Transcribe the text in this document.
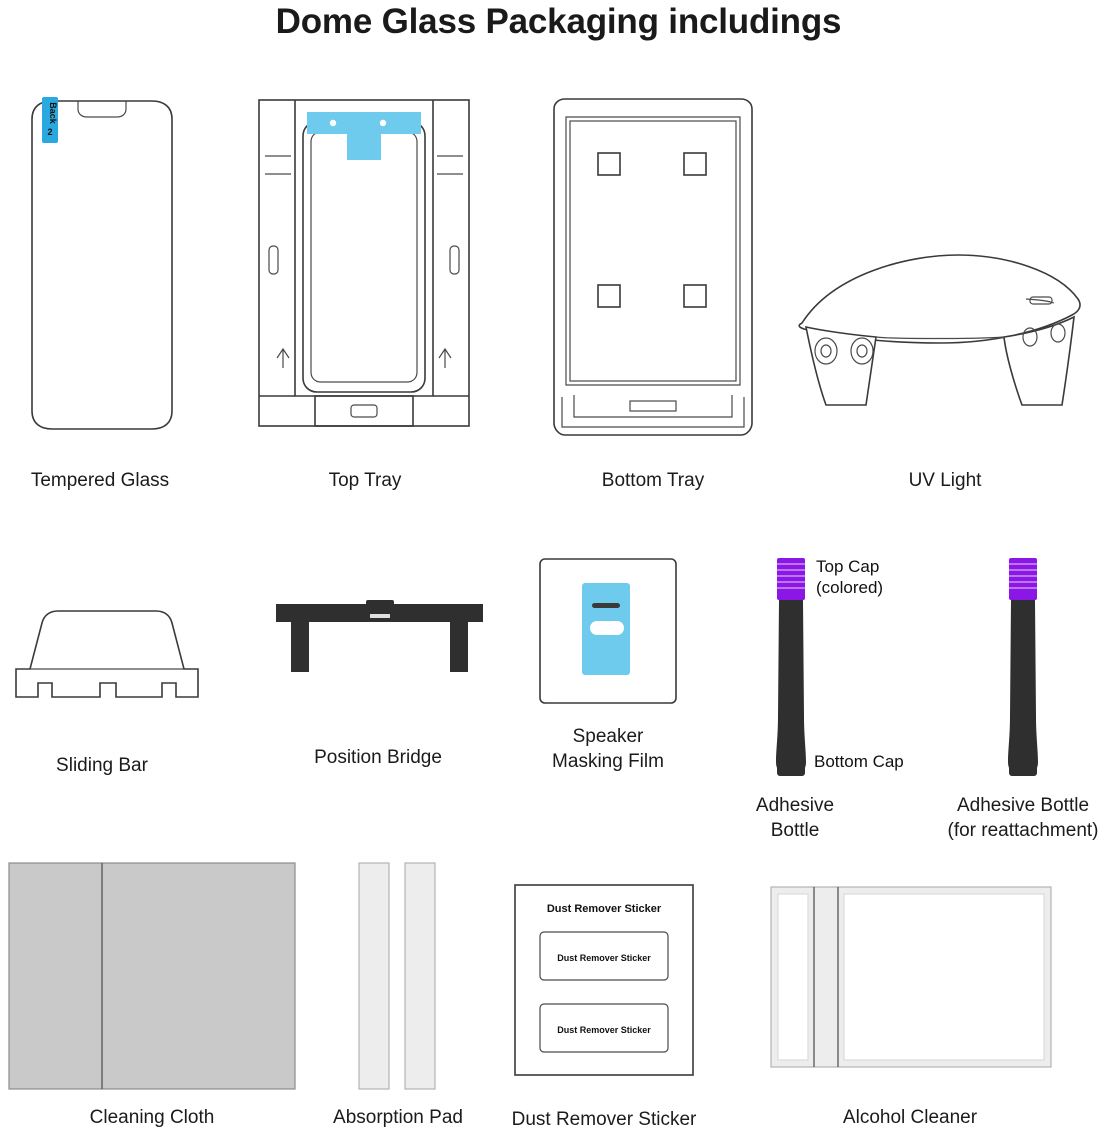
Dome Glass Packaging includings
Back
2
Tempered Glass	Top Tray	Bottom Tray	UV Light
Sliding Bar	Position Bridge
Speaker
Masking Film
Top Cap
(colored)
Bottom Cap
Adhesive
Bottle
Adhesive Bottle
(for reattachment)
Cleaning Cloth	Absorption Pad
Dust Remover Sticker
Dust Remover Sticker
Dust Remover Sticker
Dust Remover Sticker	Alcohol Cleaner
